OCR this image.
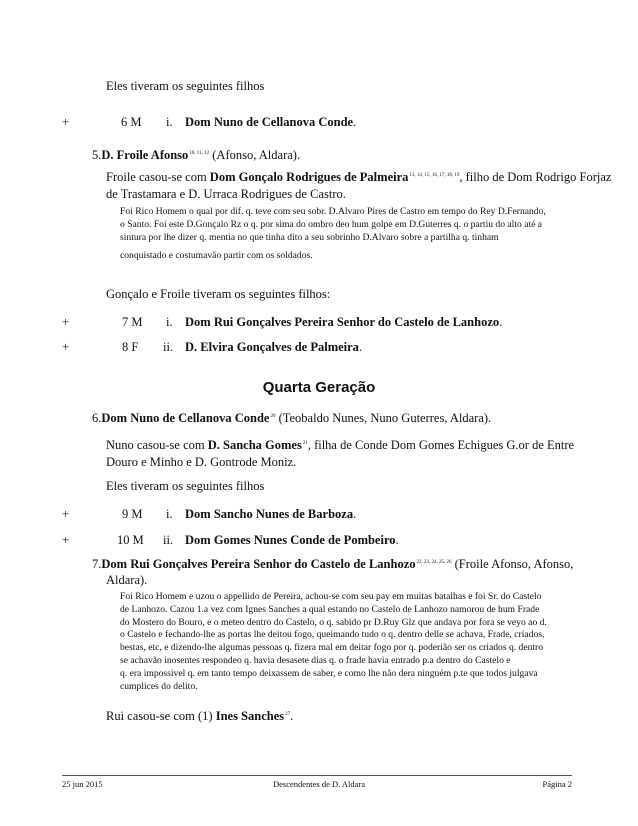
Eles tiveram os seguintes filhos
+	6 M i. Dom Nuno de Cellanova Conde.
5.D. Froile Afonso$^{10, 11, 12}$ (Afonso, Aldara).
Froile casou-se com Dom Gonçalo Rodrigues de Palmeira$^{13, 14, 15, 16, 17, 18, 19}$, filho de Dom Rodrigo Forjaz
de Trastamara e D. Urraca Rodrigues de Castro.
Foi Rico Homem o qual por dif. q. teve com seu sobr. D.Alvaro Pires de Castro em tempo do Rey D.Fernando,
o Santo. Foi este D.Gonçalo Rz o q. por sima do ombro deo hum golpe em D.Guterres q. o partiu do alto até a
sintura por lhe dizer q. mentia no que tinha dito a seu sobrinho D.Alvaro sobre a partilha q. tinham
conquistado e costumavão partir com os soldados.
Gonçalo e Froile tiveram os seguintes filhos:
+	7 M i. Dom Rui Gonçalves Pereira Senhor do Castelo de Lanhozo.
+	8 F ii. D. Elvira Gonçalves de Palmeira.
Quarta Geração
6.Dom Nuno de Cellanova Conde$^{20}$ (Teobaldo Nunes, Nuno Guterres, Aldara).
Nuno casou-se com D. Sancha Gomes$^{21}$, filha de Conde Dom Gomes Echigues G.or de Entre
Douro e Minho e D. Gontrode Moniz.
Eles tiveram os seguintes filhos
+	9 M i. Dom Sancho Nunes de Barboza.
+	10 M ii. Dom Gomes Nunes Conde de Pombeiro.
7.Dom Rui Gonçalves Pereira Senhor do Castelo de Lanhozo$^{22, 23, 24, 25, 26}$ (Froile Afonso, Afonso,
Aldara).
Foi Rico Homem e uzou o appellido de Pereira, achou-se com seu pay em muitas batalhas e foi Sr. do Castelo
de Lanhozo. Cazou 1.a vez com Ignes Sanches a qual estando no Castelo de Lanhozo namorou de hum Frade
do Mostero do Bouro, e o meteo dentro do Castelo, o q. sabido pr D.Ruy Glz que andava por fora se veyo ao d.
o Castelo e fechando-lhe as portas lhe deitou fogo, queimando tudo o q. dentro delle se achava, Frade, criados,
bestas, etc, e dizendo-lhe algumas pessoas q. fizera mal em deitar fogo por q. poderião ser os criados q. dentro
se achavão inosentes respondeo q. havia desasete dias q. o frade havia entrado p.a dentro do Castelo e
q. era impossivel q. em tanto tempo deixassem de saber, e como lhe não dera ninguém p.te que todos julgava
cumplices do delito.
Rui casou-se com (1) Ines Sanches$^{27}$.
25 jun 2015	Descendentes de D. Aldara	Página 2
